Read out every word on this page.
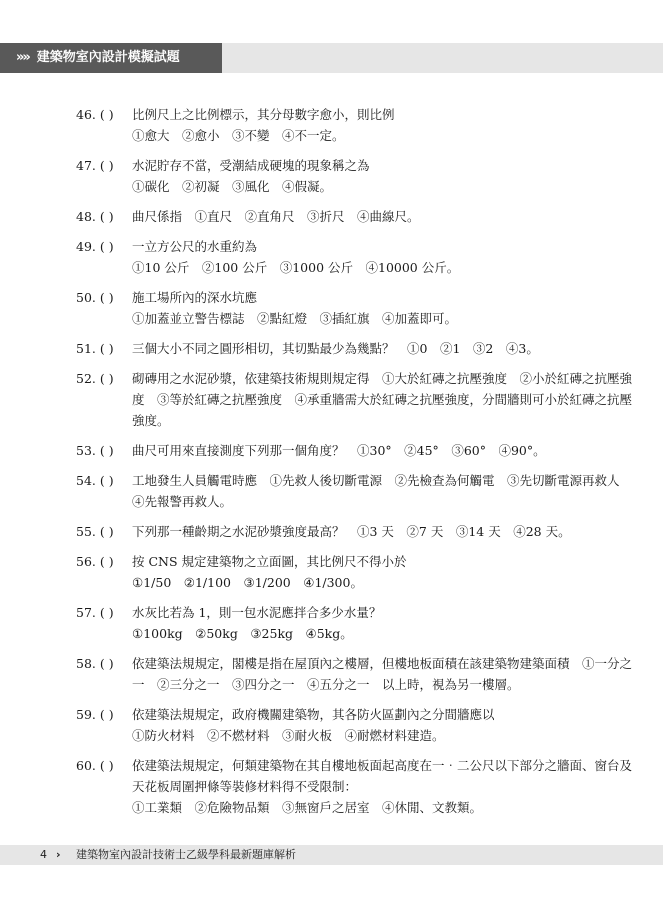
»» 建築物室內設計模擬試題
46. ( )	比例尺上之比例標示，其分母數字愈小，則比例
①愈大　②愈小　③不變　④不一定。
47. ( )	水泥貯存不當，受潮結成硬塊的現象稱之為
①碳化　②初凝　③風化　④假凝。
48. ( )	曲尺係指　①直尺　②直角尺　③折尺　④曲線尺。
49. ( )	一立方公尺的水重約為
①10 公斤　②100 公斤　③1000 公斤　④10000 公斤。
50. ( )	施工場所內的深水坑應
①加蓋並立警告標誌　②點紅燈　③插紅旗　④加蓋即可。
51. ( )	三個大小不同之圓形相切，其切點最少為幾點？　①0　②1　③2　④3。
52. ( )	砌磚用之水泥砂漿，依建築技術規則規定得　①大於紅磚之抗壓強度　②小於紅磚之抗壓強度　③等於紅磚之抗壓強度　④承重牆需大於紅磚之抗壓強度，分間牆則可小於紅磚之抗壓強度。
53. ( )	曲尺可用來直接測度下列那一個角度？　①30°　②45°　③60°　④90°。
54. ( )	工地發生人員觸電時應　①先救人後切斷電源　②先檢查為何觸電　③先切斷電源再救人　④先報警再救人。
55. ( )	下列那一種齡期之水泥砂漿強度最高？　①3 天　②7 天　③14 天　④28 天。
56. ( )	按 CNS 規定建築物之立面圖，其比例尺不得小於
①1/50　②1/100　③1/200　④1/300。
57. ( )	水灰比若為 1，則一包水泥應拌合多少水量？
①100kg　②50kg　③25kg　④5kg。
58. ( )	依建築法規規定，閣樓是指在屋頂內之樓層，但樓地板面積在該建築物建築面積　①一分之一　②三分之一　③四分之一　④五分之一　以上時，視為另一樓層。
59. ( )	依建築法規規定，政府機關建築物，其各防火區劃內之分間牆應以
①防火材料　②不燃材料　③耐火板　④耐燃材料建造。
60. ( )	依建築法規規定，何類建築物在其自樓地板面起高度在一‧二公尺以下部分之牆面、窗台及天花板周圍押條等裝修材料得不受限制：
①工業類　②危險物品類　③無窗戶之居室　④休閒、文教類。
4 › 建築物室內設計技術士乙級學科最新題庫解析
